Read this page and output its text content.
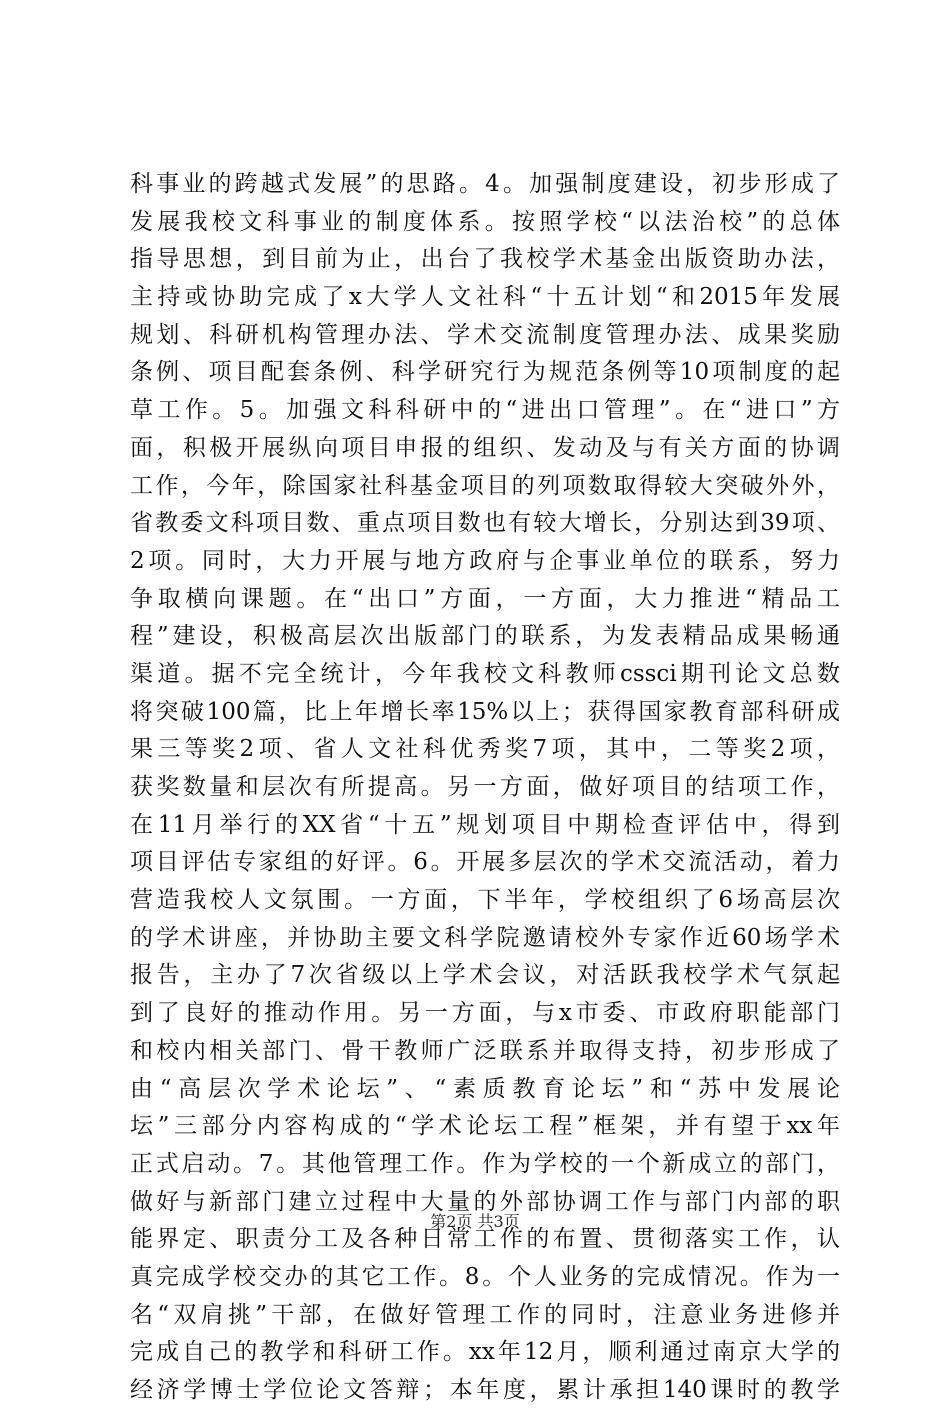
科事业的跨越式发展”的思路。4。加强制度建设，初步形成了
发展我校文科事业的制度体系。按照学校“以法治校”的总体
指导思想，到目前为止，出台了我校学术基金出版资助办法，
主持或协助完成了x大学人文社科“十五计划“和2015年发展
规划、科研机构管理办法、学术交流制度管理办法、成果奖励
条例、项目配套条例、科学研究行为规范条例等10项制度的起
草工作。5。加强文科科研中的“进出口管理”。在“进口”方
面，积极开展纵向项目申报的组织、发动及与有关方面的协调
工作，今年，除国家社科基金项目的列项数取得较大突破外外，
省教委文科项目数、重点项目数也有较大增长，分别达到39项、
2项。同时，大力开展与地方政府与企事业单位的联系，努力
争取横向课题。在“出口”方面，一方面，大力推进“精品工
程”建设，积极高层次出版部门的联系，为发表精品成果畅通
渠道。据不完全统计，今年我校文科教师cssci期刊论文总数
将突破100篇，比上年增长率15%以上；获得国家教育部科研成
果三等奖2项、省人文社科优秀奖7项，其中，二等奖2项，
获奖数量和层次有所提高。另一方面，做好项目的结项工作，
在11月举行的XX省“十五”规划项目中期检查评估中，得到
项目评估专家组的好评。6。开展多层次的学术交流活动，着力
营造我校人文氛围。一方面，下半年，学校组织了6场高层次
的学术讲座，并协助主要文科学院邀请校外专家作近60场学术
报告，主办了7次省级以上学术会议，对活跃我校学术气氛起
到了良好的推动作用。另一方面，与x市委、市政府职能部门
和校内相关部门、骨干教师广泛联系并取得支持，初步形成了
由“高层次学术论坛”、“素质教育论坛”和“苏中发展论
坛”三部分内容构成的“学术论坛工程”框架，并有望于xx年
正式启动。7。其他管理工作。作为学校的一个新成立的部门，
做好与新部门建立过程中大量的外部协调工作与部门内部的职
能界定、职责分工及各种日常工作的布置、贯彻落实工作，认
真完成学校交办的其它工作。8。个人业务的完成情况。作为一
名“双肩挑”干部，在做好管理工作的同时，注意业务进修并
完成自己的教学和科研工作。xx年12月，顺利通过南京大学的
经济学博士学位论文答辩；本年度，累计承担140课时的教学
第2页 共3页
